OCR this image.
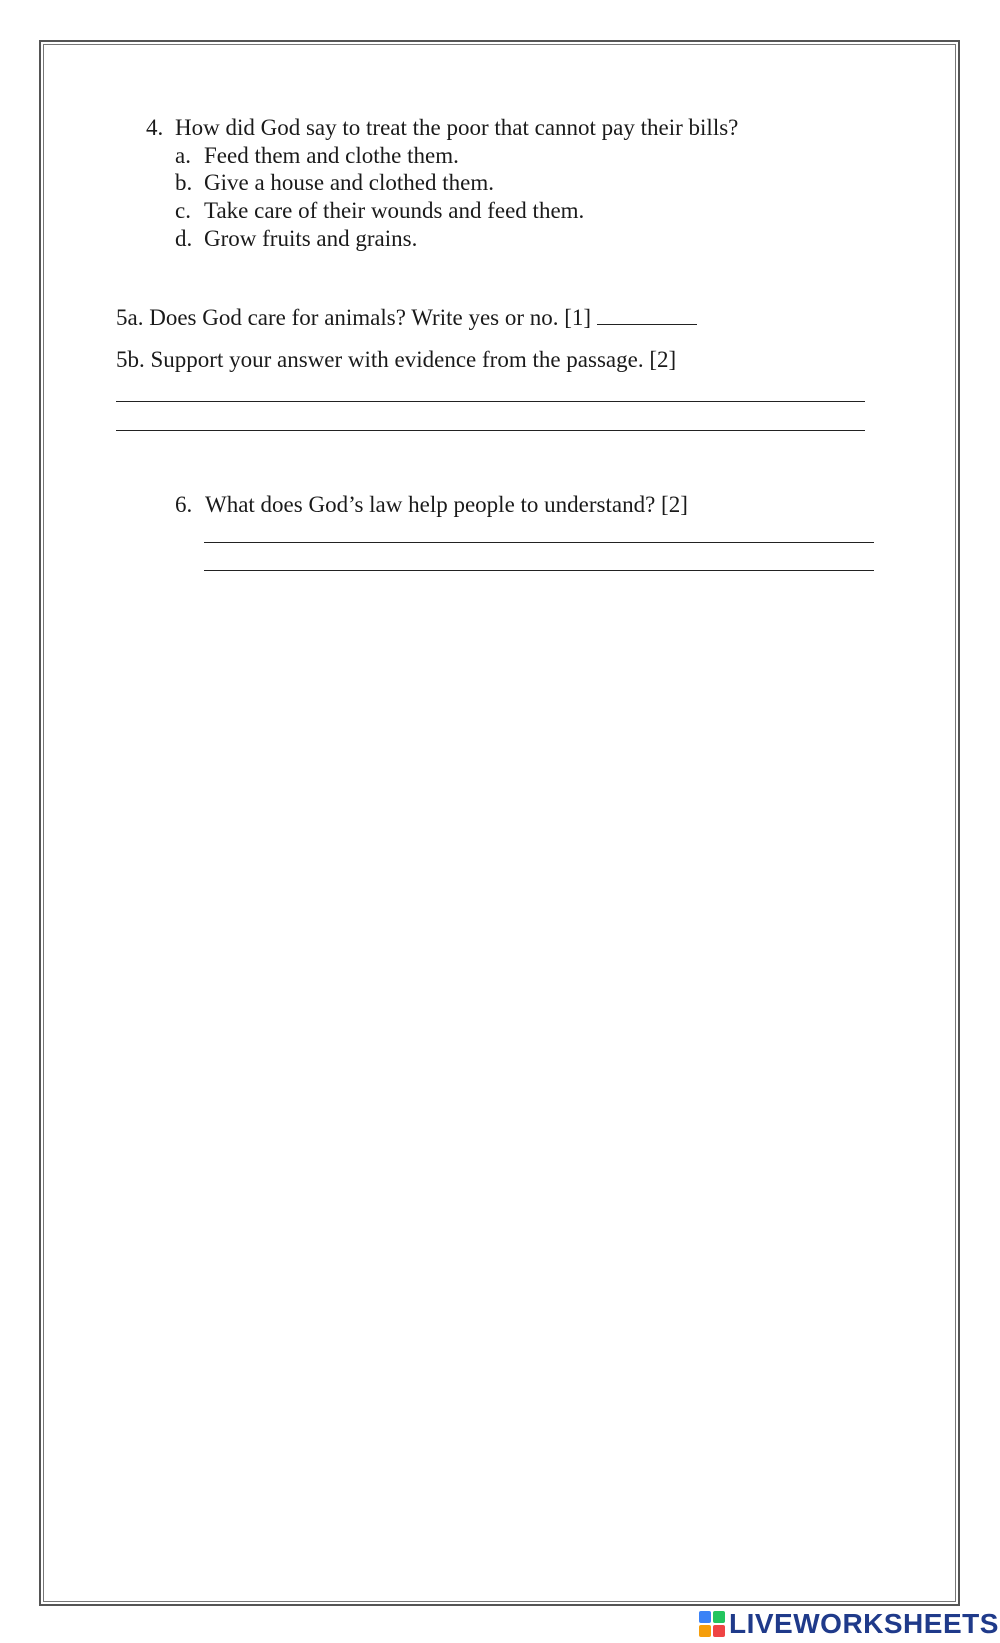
4. How did God say to treat the poor that cannot pay their bills?
a. Feed them and clothe them.
b. Give a house and clothed them.
c. Take care of their wounds and feed them.
d. Grow fruits and grains.
5a. Does God care for animals? Write yes or no. [1]
5b. Support your answer with evidence from the passage. [2]
6. What does God’s law help people to understand? [2]
LIVEWORKSHEETS
